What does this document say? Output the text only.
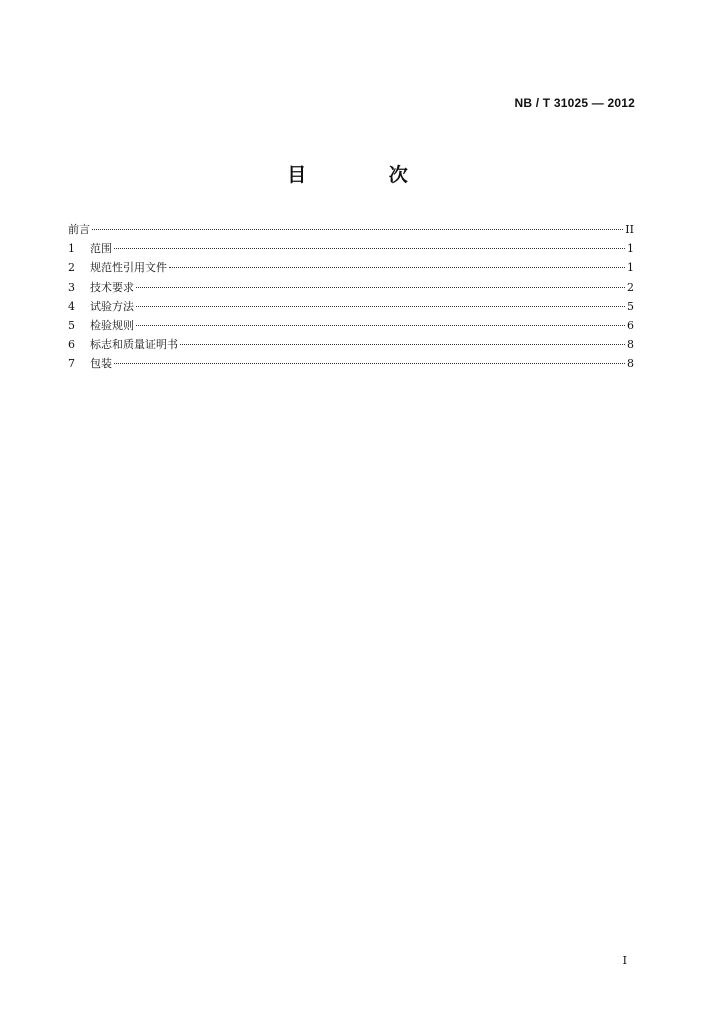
NB / T 31025 — 2012
目 次
前言	II
1	范围	1
2	规范性引用文件	1
3	技术要求	2
4	试验方法	5
5	检验规则	6
6	标志和质量证明书	8
7	包装	8
I
